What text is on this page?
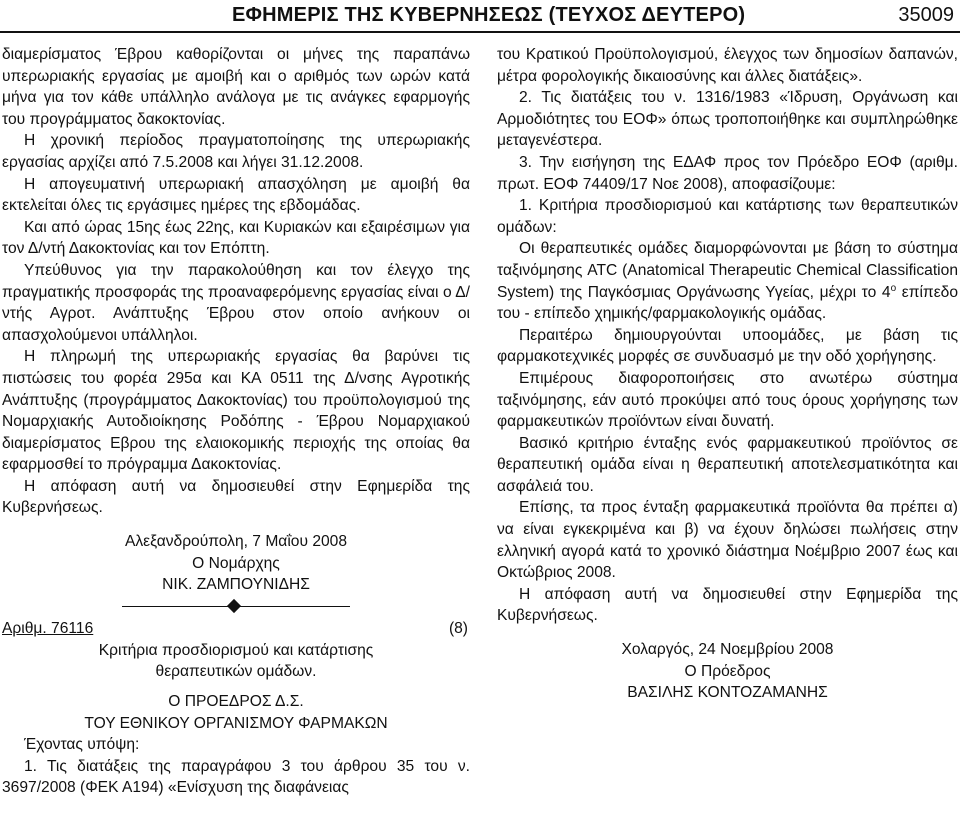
ΕΦΗΜΕΡΙΣ ΤΗΣ ΚΥΒΕΡΝΗΣΕΩΣ (ΤΕΥΧΟΣ ΔΕΥΤΕΡΟ)	35009

διαμερίσματος Έβρου καθορίζονται οι μήνες της παραπάνω υπερωριακής εργασίας με αμοιβή και ο αριθμός των ωρών κατά μήνα για τον κάθε υπάλληλο ανάλογα με τις ανάγκες εφαρμογής του προγράμματος δακοκτονίας.

Η χρονική περίοδος πραγματοποίησης της υπερωριακής εργασίας αρχίζει από 7.5.2008 και λήγει 31.12.2008.

Η απογευματινή υπερωριακή απασχόληση με αμοιβή θα εκτελείται όλες τις εργάσιμες ημέρες της εβδομάδας.

Και από ώρας 15ης έως 22ης, και Κυριακών και εξαιρέσιμων για τον Δ/ντή Δακοκτονίας και τον Επόπτη.

Υπεύθυνος για την παρακολούθηση και τον έλεγχο της πραγματικής προσφοράς της προαναφερόμενης εργασίας είναι ο Δ/ντής Αγροτ. Ανάπτυξης Έβρου στον οποίο ανήκουν οι απασχολούμενοι υπάλληλοι.

Η πληρωμή της υπερωριακής εργασίας θα βαρύνει τις πιστώσεις του φορέα 295α και ΚΑ 0511 της Δ/νσης Αγροτικής Ανάπτυξης (προγράμματος Δακοκτονίας) του προϋπολογισμού της Νομαρχιακής Αυτοδιοίκησης Ροδόπης - Έβρου Νομαρχιακού διαμερίσματος Εβρου της ελαιοκομικής περιοχής της οποίας θα εφαρμοσθεί το πρόγραμμα Δακοκτονίας.

Η απόφαση αυτή να δημοσιευθεί στην Εφημερίδα της Κυβερνήσεως.

Αλεξανδρούπολη, 7 Μαΐου 2008

Ο Νομάρχης

ΝΙΚ. ΖΑΜΠΟΥΝΙΔΗΣ

Αριθμ. 76116	(8)

Κριτήρια προσδιορισμού και κατάρτισης θεραπευτικών ομάδων.

Ο ΠΡΟΕΔΡΟΣ Δ.Σ.

ΤΟΥ ΕΘΝΙΚΟΥ ΟΡΓΑΝΙΣΜΟΥ ΦΑΡΜΑΚΩΝ

Έχοντας υπόψη:

1. Τις διατάξεις της παραγράφου 3 του άρθρου 35 του ν. 3697/2008 (ΦΕΚ Α194) «Ενίσχυση της διαφάνειας

του Κρατικού Προϋπολογισμού, έλεγχος των δημοσίων δαπανών, μέτρα φορολογικής δικαιοσύνης και άλλες διατάξεις».

2. Τις διατάξεις του ν. 1316/1983 «Ίδρυση, Οργάνωση και Αρμοδιότητες του ΕΟΦ» όπως τροποποιήθηκε και συμπληρώθηκε μεταγενέστερα.

3. Την εισήγηση της ΕΔΑΦ προς τον Πρόεδρο ΕΟΦ (αριθμ. πρωτ. ΕΟΦ 74409/17 Νοε 2008), αποφασίζουμε:

1. Κριτήρια προσδιορισμού και κατάρτισης των θεραπευτικών ομάδων:

Οι θεραπευτικές ομάδες διαμορφώνονται με βάση το σύστημα ταξινόμησης ATC (Anatomical Therapeutic Chemical Classification System) της Παγκόσμιας Οργάνωσης Υγείας, μέχρι το $4^o$ επίπεδο του - επίπεδο χημικής/φαρμακολογικής ομάδας.

Περαιτέρω δημιουργούνται υποομάδες, με βάση τις φαρμακοτεχνικές μορφές σε συνδυασμό με την οδό χορήγησης.

Επιμέρους διαφοροποιήσεις στο ανωτέρω σύστημα ταξινόμησης, εάν αυτό προκύψει από τους όρους χορήγησης των φαρμακευτικών προϊόντων είναι δυνατή.

Βασικό κριτήριο ένταξης ενός φαρμακευτικού προϊόντος σε θεραπευτική ομάδα είναι η θεραπευτική αποτελεσματικότητα και ασφάλειά του.

Επίσης, τα προς ένταξη φαρμακευτικά προϊόντα θα πρέπει α) να είναι εγκεκριμένα και β) να έχουν δηλώσει πωλήσεις στην ελληνική αγορά κατά το χρονικό διάστημα Νοέμβριο 2007 έως και Οκτώβριος 2008.

Η απόφαση αυτή να δημοσιευθεί στην Εφημερίδα της Κυβερνήσεως.

Χολαργός, 24 Νοεμβρίου 2008

Ο Πρόεδρος

ΒΑΣΙΛΗΣ ΚΟΝΤΟΖΑΜΑΝΗΣ
